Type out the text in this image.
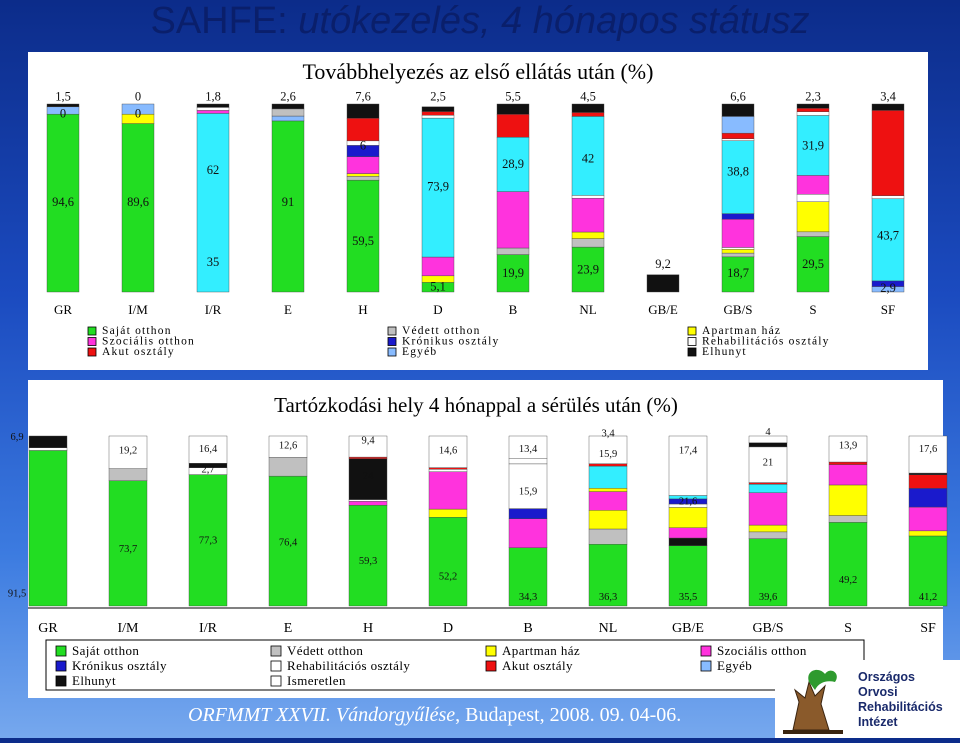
SAHFE: utókezelés, 4 hónapos státusz
Továbbhelyezés az első ellátás után (%)
94,6
0
1,5
GR
89,6
0
0
I/M
35
62
1,8
I/R
91
2,6
E
59,5
6
7,6
H
5,1
73,9
2,5
D
19,9
28,9
5,5
B
23,9
42
4,5
NL
9,2
GB/E
18,7
38,8
6,6
GB/S
29,5
31,9
2,3
S
2,9
43,7
3,4
SF
Saját otthon	Védett otthon	Apartman ház
Szociális otthon	Krónikus osztály	Rehabilitációs osztály
Akut osztály	Egyéb	Elhunyt
Tartózkodási hely 4 hónappal a sérülés után (%)
91,5
6,9
GR
73,7
19,2
I/M
77,3
2,7
16,4
I/R
76,4
12,6
E
59,3
24
9,4
H
52,2
14,6
D
34,3
15,9
13,4
B
36,3
15,9
3,4
NL
35,5
21,6
17,4
GB/E
39,6
21
4
GB/S
49,2
13,9
S
41,2
17,6
SF
Saját otthon	Védett otthon	Apartman ház	Szociális otthon
Krónikus osztály	Rehabilitációs osztály	Akut osztály	Egyéb
Elhunyt	Ismeretlen
ORFMMT XXVII. Vándorgyűlése, Budapest, 2008. 09. 04-06.
Országos
Orvosi
Rehabilitációs
Intézet
